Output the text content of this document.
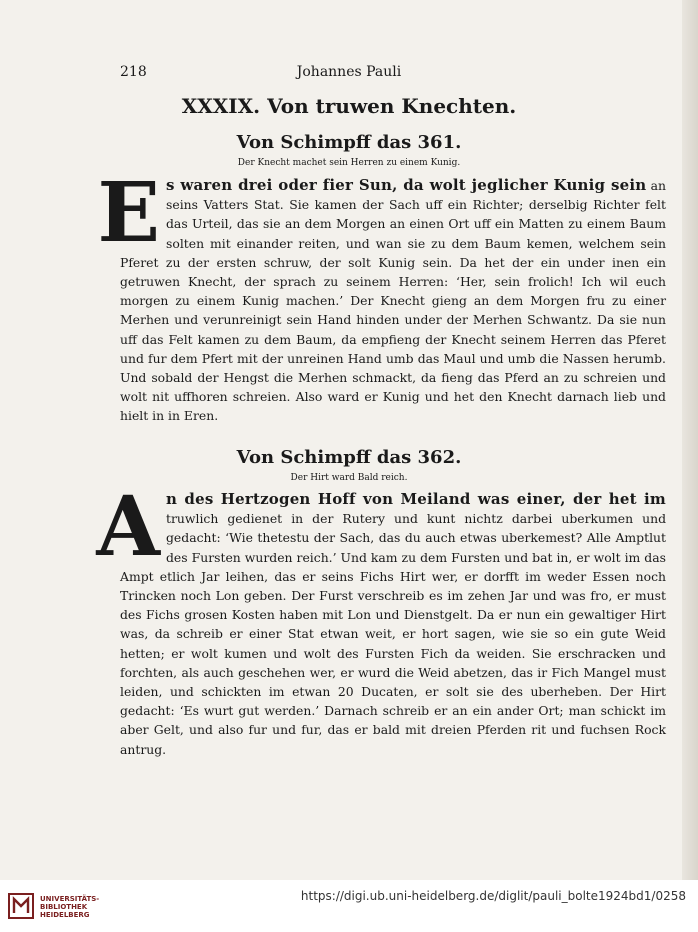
218	Johannes Pauli
XXXIX. Von truwen Knechten.
Von Schimpff das 361.

Der Knecht machet sein Herren zu einem Kunig.

E s waren drei oder fier Sun, da wolt jeglicher Kunig sein an seins Vatters Stat. Sie kamen der Sach uff ein Richter; derselbig Richter felt das Urteil, das sie an dem Morgen an einen Ort uff ein Matten zu einem Baum solten mit einander reiten, und wan sie zu dem Baum kemen, welchem sein Pferet zu der ersten schruw, der solt Kunig sein. Da het der ein under inen ein getruwen Knecht, der sprach zu seinem Herren: ‘Her, sein frolich! Ich wil euch morgen zu einem Kunig machen.’ Der Knecht gieng an dem Morgen fru zu einer Merhen und verunreinigt sein Hand hinden under der Merhen Schwantz. Da sie nun uff das Felt kamen zu dem Baum, da empfieng der Knecht seinem Herren das Pferet und fur dem Pfert mit der unreinen Hand umb das Maul und umb die Nassen herumb. Und sobald der Hengst die Merhen schmackt, da fieng das Pferd an zu schreien und wolt nit uffhoren schreien. Also ward er Kunig und het den Knecht darnach lieb und hielt in in Eren.

Von Schimpff das 362.

Der Hirt ward Bald reich.

A n des Hertzogen Hoff von Meiland was einer, der het im truwlich gedienet in der Rutery und kunt nichtz darbei uberkumen und gedacht: ‘Wie thetestu der Sach, das du auch etwas uberkemest? Alle Amptlut des Fursten wurden reich.’ Und kam zu dem Fursten und bat in, er wolt im das Ampt etlich Jar leihen, das er seins Fichs Hirt wer, er dorfft im weder Essen noch Trincken noch Lon geben. Der Furst verschreib es im zehen Jar und was fro, er must des Fichs grosen Kosten haben mit Lon und Dienstgelt. Da er nun ein gewaltiger Hirt was, da schreib er einer Stat etwan weit, er hort sagen, wie sie so ein gute Weid hetten; er wolt kumen und wolt des Fursten Fich da weiden. Sie erschracken und forchten, als auch geschehen wer, er wurd die Weid abetzen, das ir Fich Mangel must leiden, und schickten im etwan 20 Ducaten, er solt sie des uberheben. Der Hirt gedacht: ‘Es wurt gut werden.’ Darnach schreib er an ein ander Ort; man schickt im aber Gelt, und also fur und fur, das er bald mit dreien Pferden rit und fuchsen Rock antrug.

UNIVERSITÄTS-
BIBLIOTHEK
HEIDELBERG
https://digi.ub.uni-heidelberg.de/diglit/pauli_bolte1924bd1/0258
